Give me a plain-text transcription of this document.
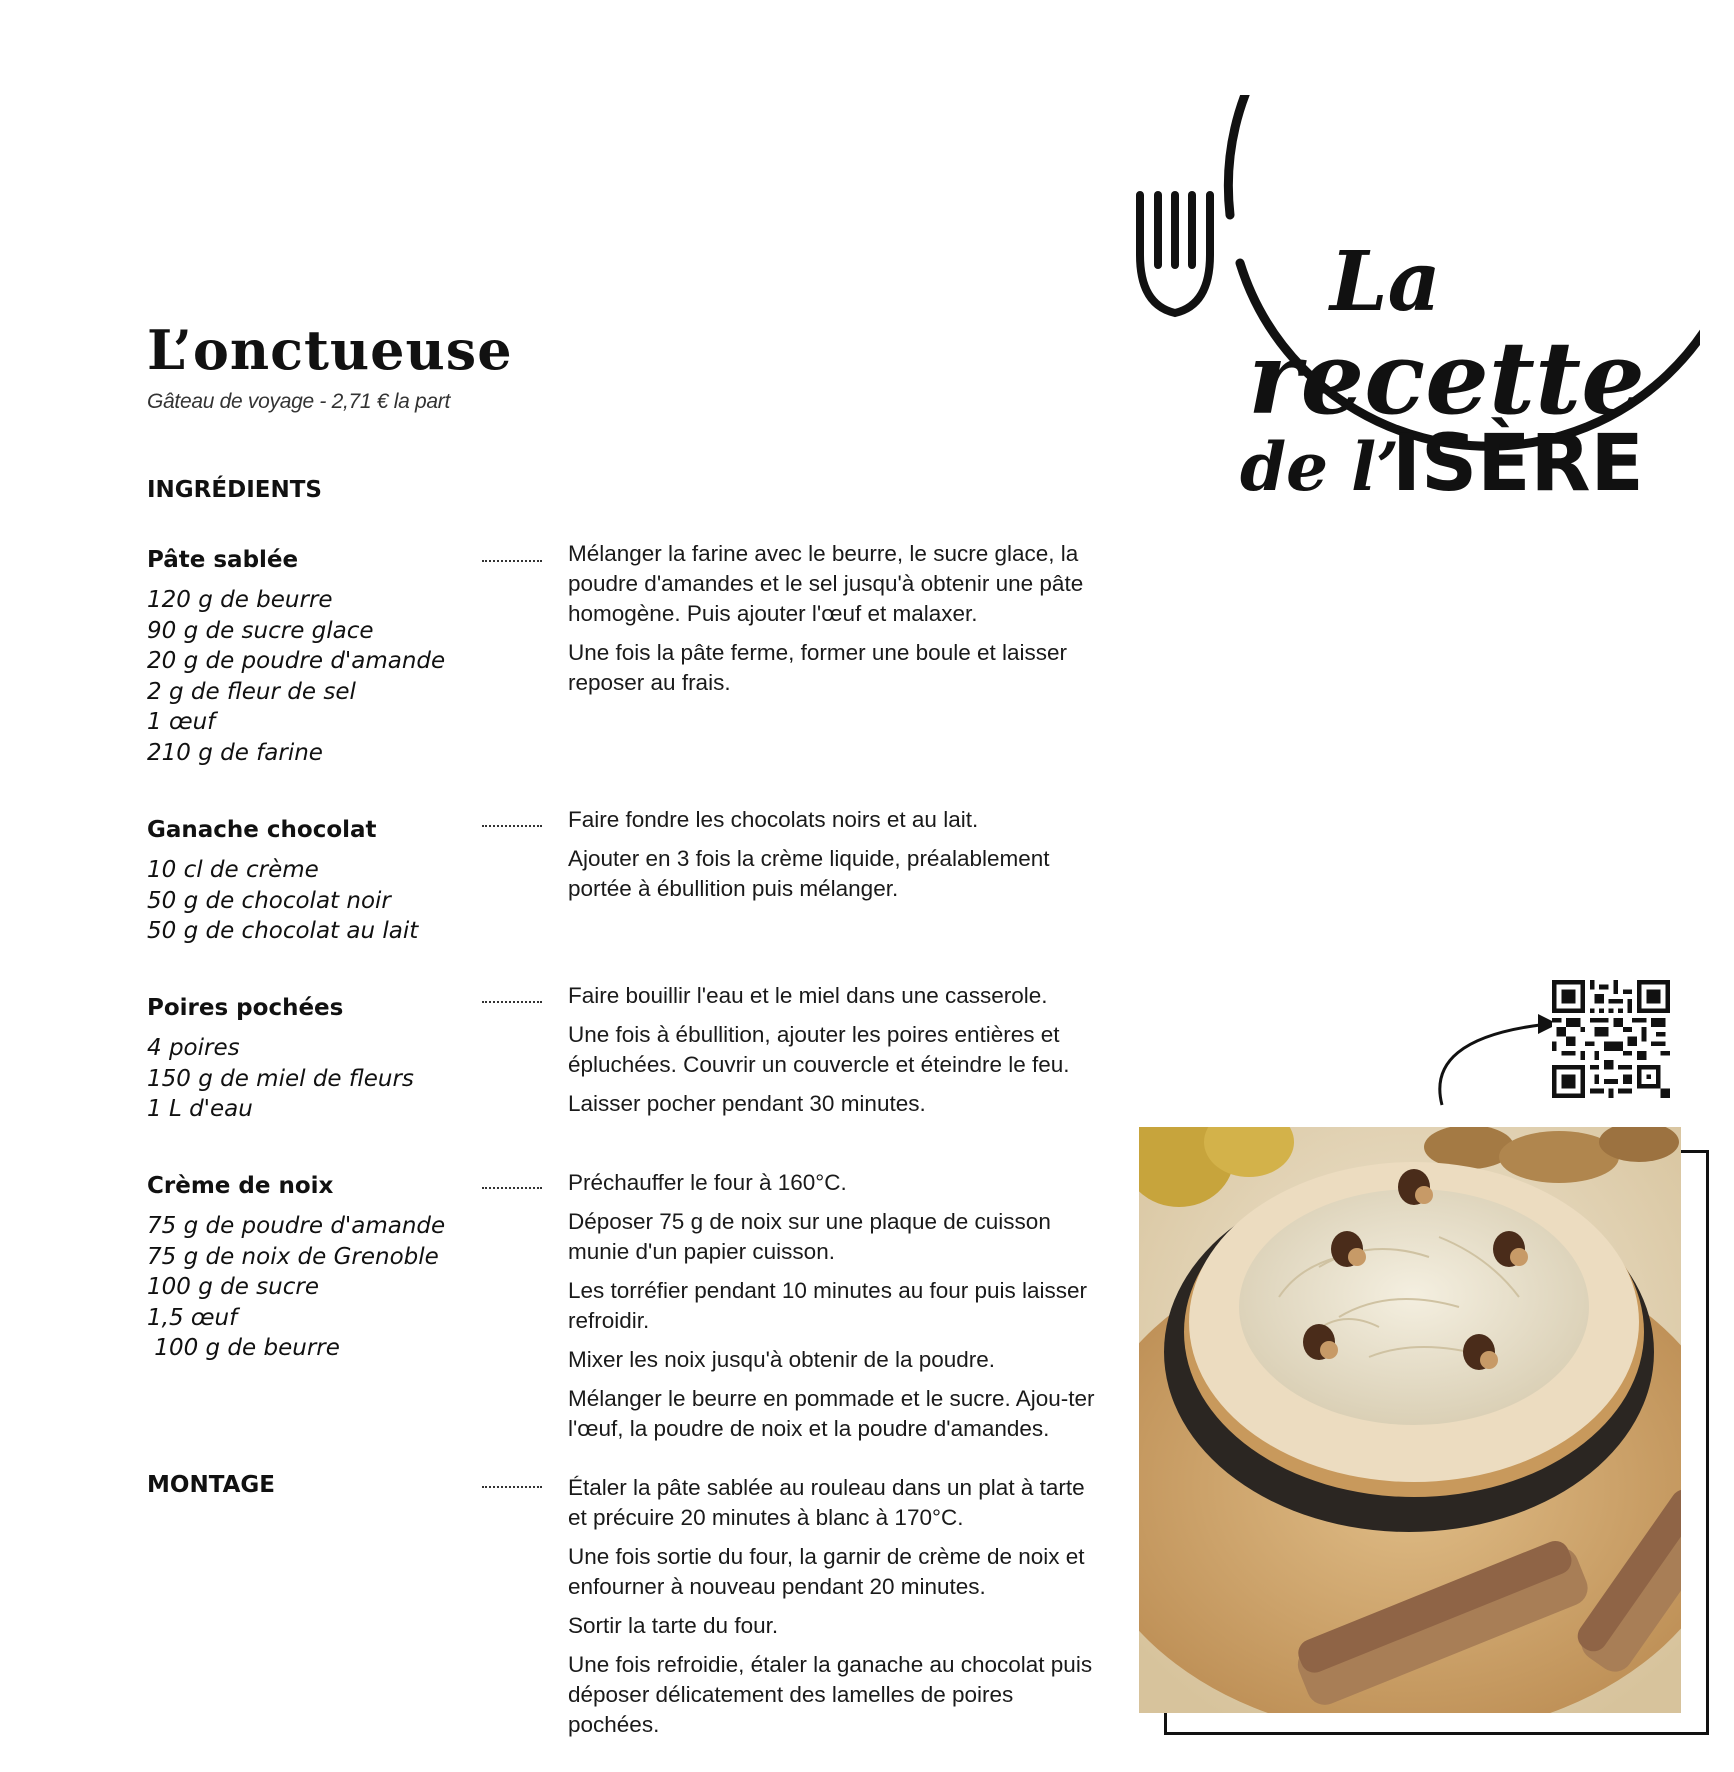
L’onctueuse
Gâteau de voyage - 2,71 € la part
La
recette
de l’
ISÈRE
INGRÉDIENTS
Pâte sablée
120 g de beurre
90 g de sucre glace
20 g de poudre d'amande
2 g de fleur de sel
1 œuf
210 g de farine

Mélanger la farine avec le beurre, le sucre glace, la poudre d'amandes et le sel jusqu'à obtenir une pâte homogène. Puis ajouter l'œuf et malaxer.

Une fois la pâte ferme, former une boule et laisser reposer au frais.

Ganache chocolat
10 cl de crème
50 g de chocolat noir
50 g de chocolat au lait

Faire fondre les chocolats noirs et au lait.

Ajouter en 3 fois la crème liquide, préalablement portée à ébullition puis mélanger.

Poires pochées
4 poires
150 g de miel de fleurs
1 L d'eau

Faire bouillir l'eau et le miel dans une casserole.

Une fois à ébullition, ajouter les poires entières et épluchées. Couvrir un couvercle et éteindre le feu.

Laisser pocher pendant 30 minutes.

Crème de noix
75 g de poudre d'amande
75 g de noix de Grenoble
100 g de sucre
1,5 œuf
100 g de beurre

Préchauffer le four à 160°C.

Déposer 75 g de noix sur une plaque de cuisson munie d'un papier cuisson.

Les torréfier pendant 10 minutes au four puis laisser refroidir.

Mixer les noix jusqu'à obtenir de la poudre.

Mélanger le beurre en pommade et le sucre. Ajou-ter l'œuf, la poudre de noix et la poudre d'amandes.

MONTAGE	Étaler la pâte sablée au rouleau dans un plat à tarte et précuire 20 minutes à blanc à 170°C.

Une fois sortie du four, la garnir de crème de noix et enfourner à nouveau pendant 20 minutes.

Sortir la tarte du four.

Une fois refroidie, étaler la ganache au chocolat puis déposer délicatement des lamelles de poires pochées.
